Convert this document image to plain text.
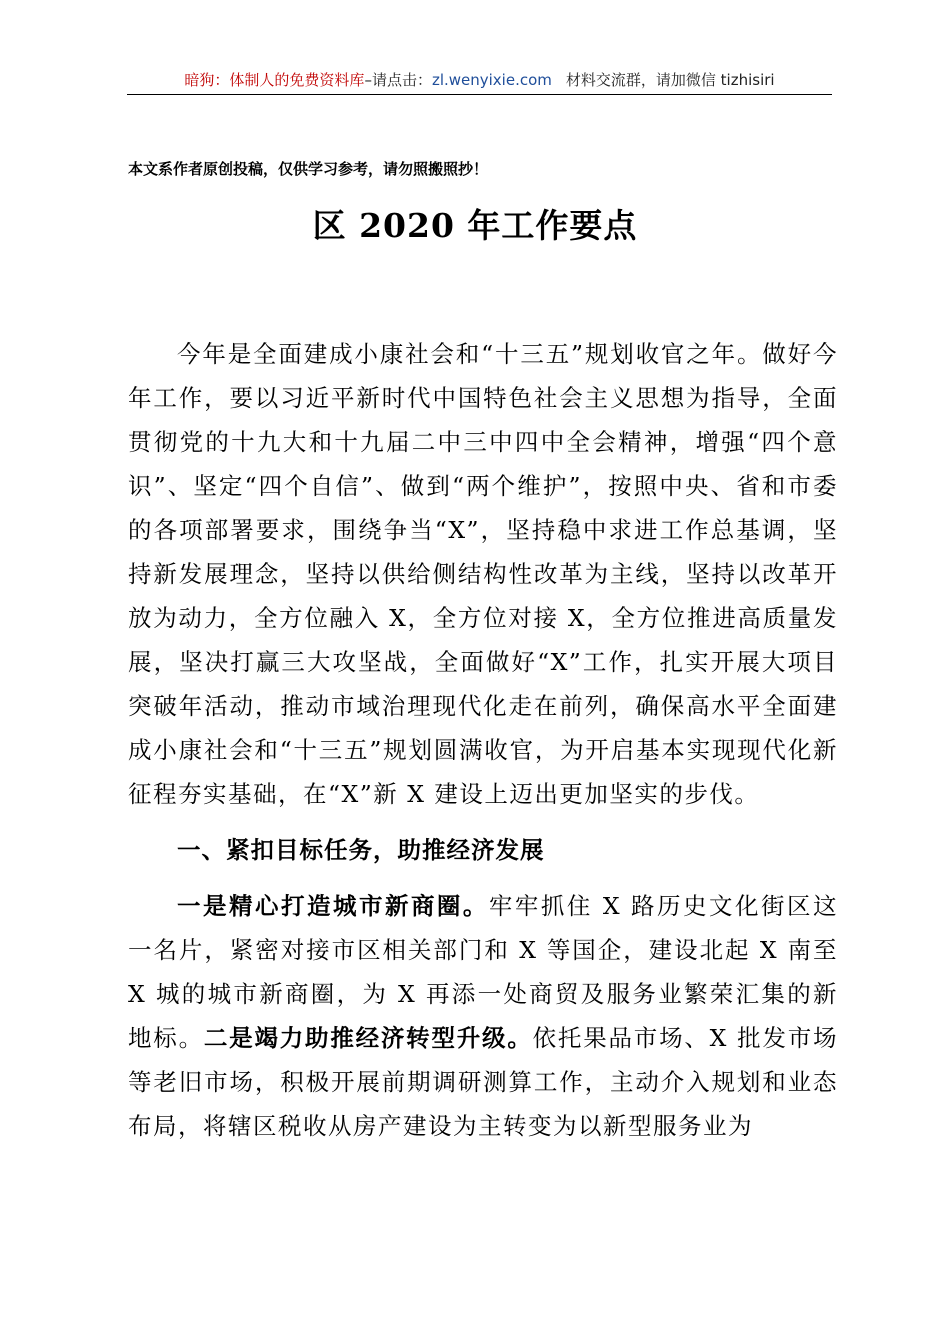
暗狗：体制人的免费资料库–请点击：zl.wenyixie.com 材料交流群，请加微信 tizhisiri
本文系作者原创投稿，仅供学习参考，请勿照搬照抄！
区 2020 年工作要点

今年是全面建成小康社会和“十三五”规划收官之年。做好今年工作，要以习近平新时代中国特色社会主义思想为指导，全面贯彻党的十九大和十九届二中三中四中全会精神，增强“四个意识”、坚定“四个自信”、做到“两个维护”，按照中央、省和市委的各项部署要求，围绕争当“X”，坚持稳中求进工作总基调，坚持新发展理念，坚持以供给侧结构性改革为主线，坚持以改革开放为动力，全方位融入 X，全方位对接 X，全方位推进高质量发展，坚决打赢三大攻坚战，全面做好“X”工作，扎实开展大项目突破年活动，推动市域治理现代化走在前列，确保高水平全面建成小康社会和“十三五”规划圆满收官，为开启基本实现现代化新征程夯实基础，在“X”新 X 建设上迈出更加坚实的步伐。

一、紧扣目标任务，助推经济发展

一是精心打造城市新商圈。牢牢抓住 X 路历史文化街区这一名片，紧密对接市区相关部门和 X 等国企，建设北起 X 南至 X 城的城市新商圈，为 X 再添一处商贸及服务业繁荣汇集的新地标。二是竭力助推经济转型升级。依托果品市场、X 批发市场等老旧市场，积极开展前期调研测算工作，主动介入规划和业态布局，将辖区税收从房产建设为主转变为以新型服务业为
